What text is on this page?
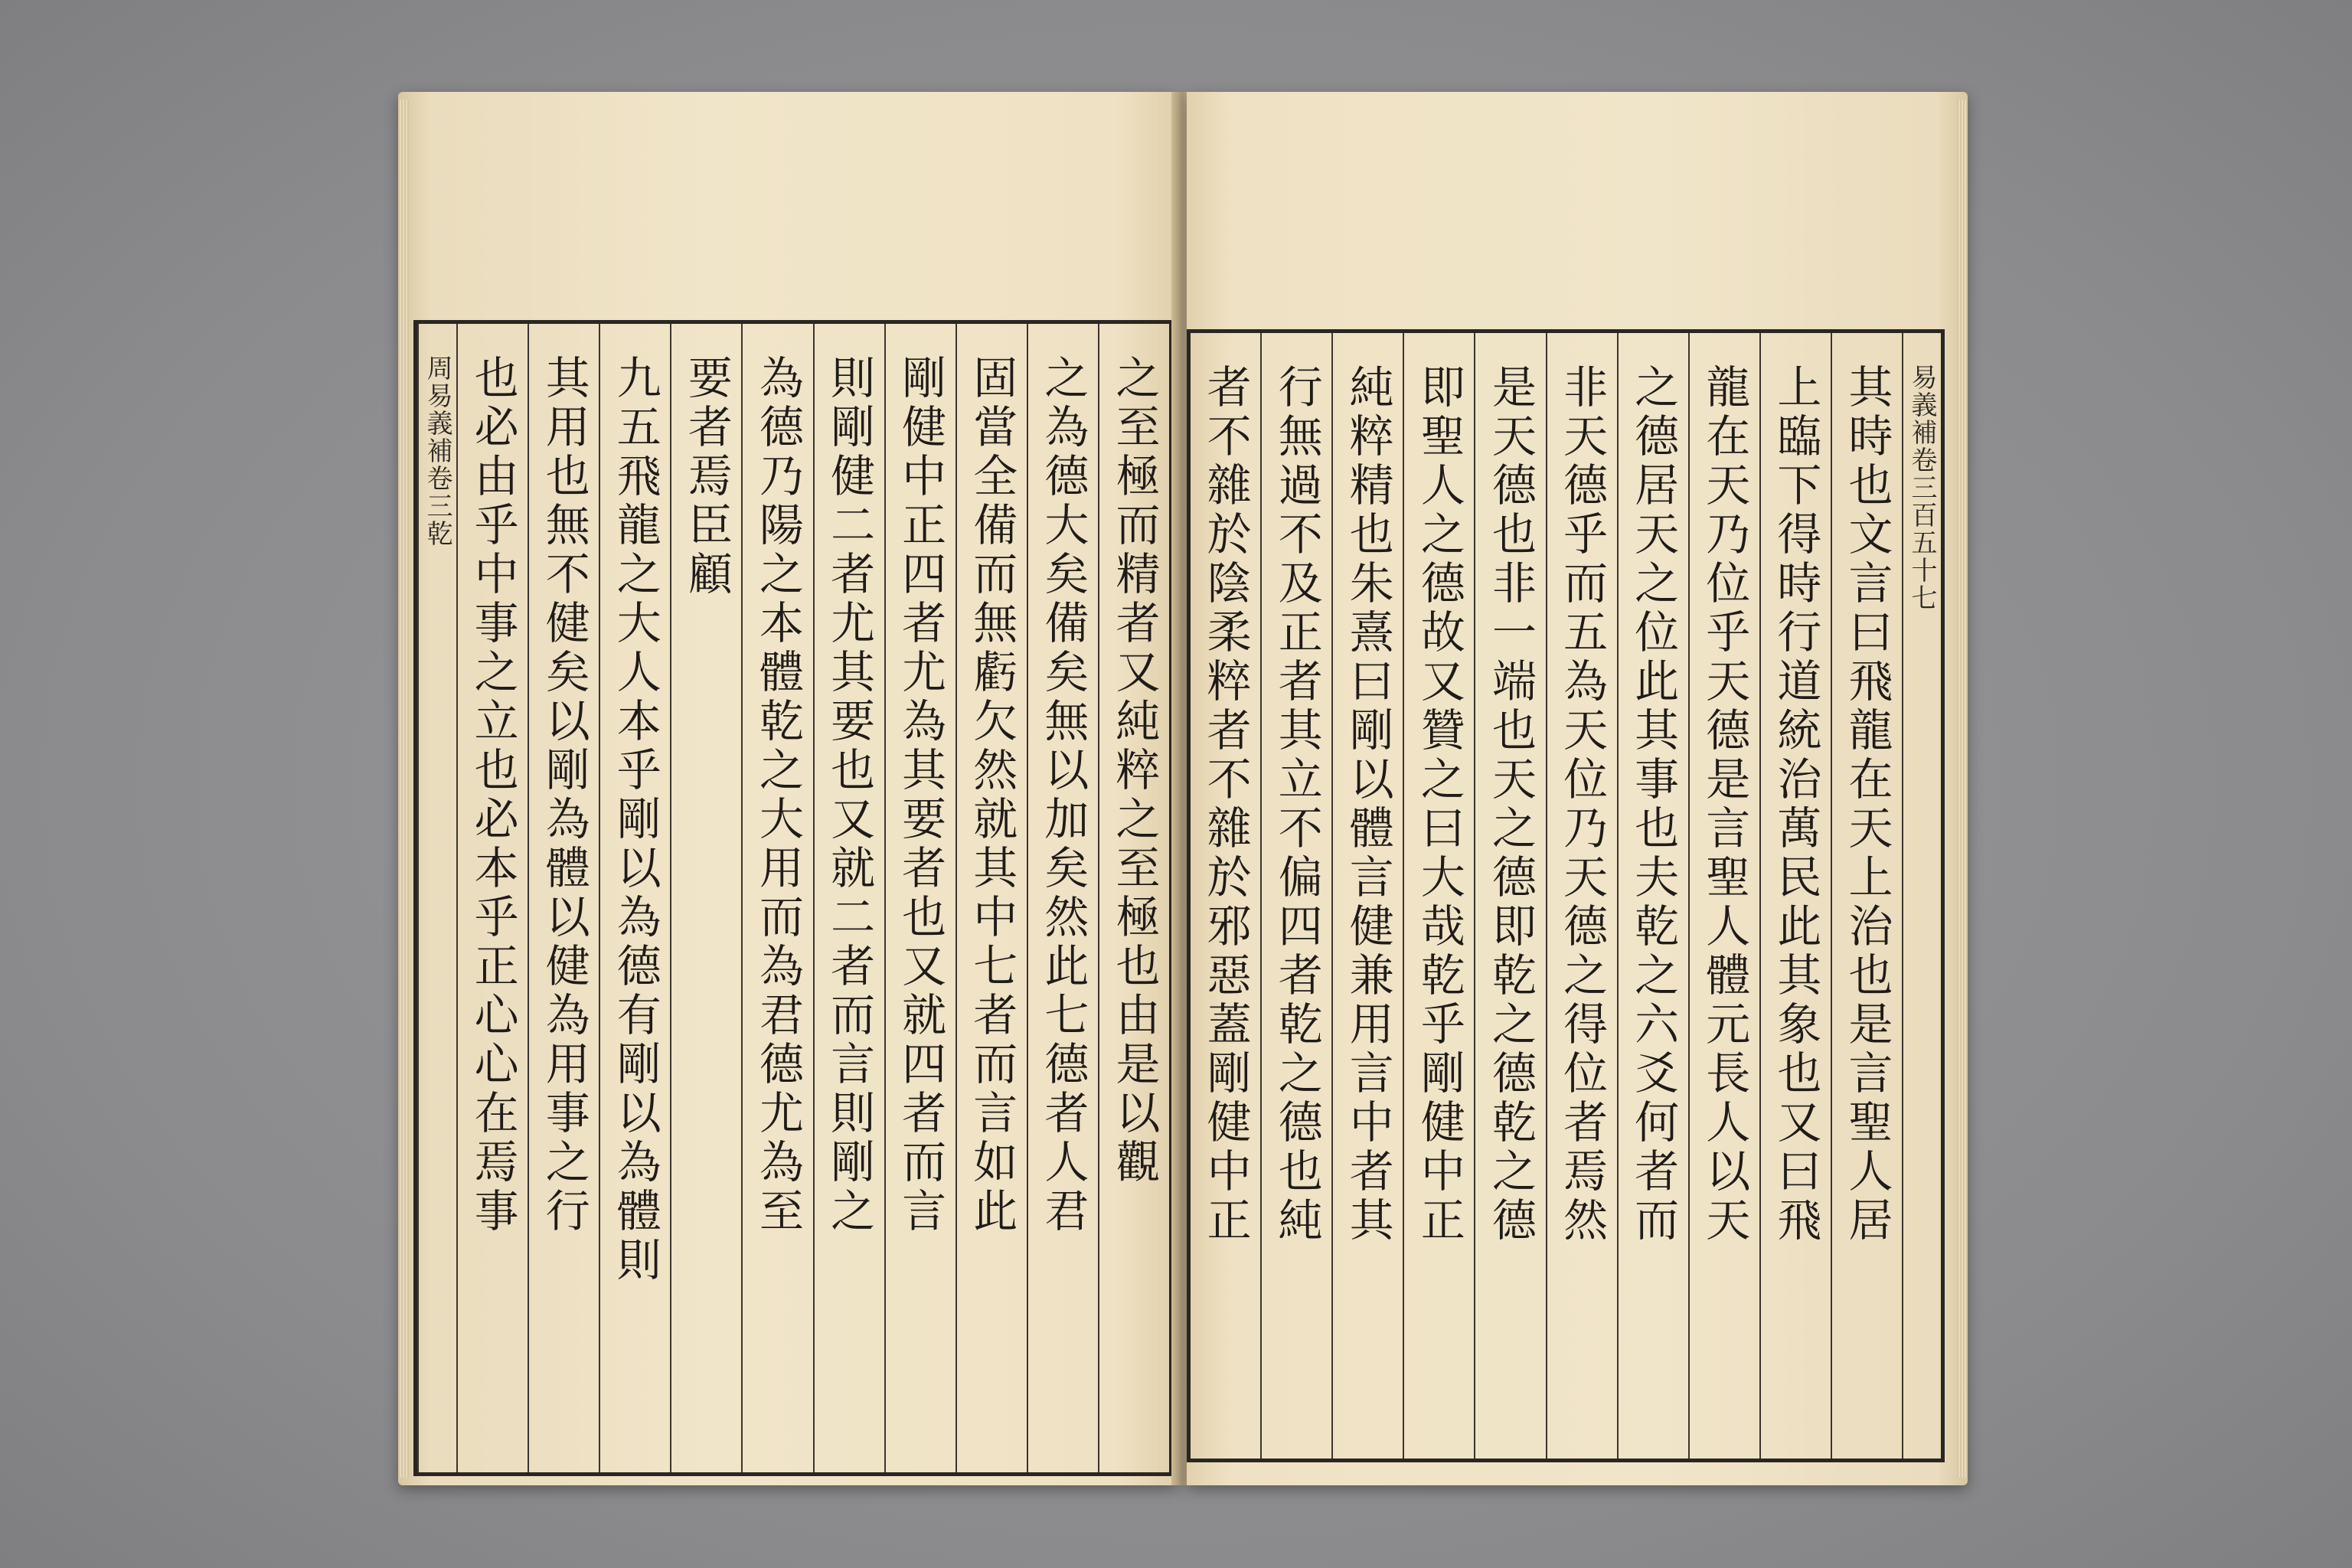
之至極而精者又純粹之至極也由是以觀
之為德大矣備矣無以加矣然此七德者人君
固當全備而無虧欠然就其中七者而言如此
剛健中正四者尤為其要者也又就四者而言
則剛健二者尤其要也又就二者而言則剛之
為德乃陽之本體乾之大用而為君德尤為至
要者焉臣顧
九五飛龍之大人本乎剛以為德有剛以為體則
其用也無不健矣以剛為體以健為用事之行
也必由乎中事之立也必本乎正心心在焉事
周易義補卷三乾	易義補卷三百五十七
其時也文言曰飛龍在天上治也是言聖人居
上臨下得時行道統治萬民此其象也又曰飛
龍在天乃位乎天德是言聖人體元長人以天
之德居天之位此其事也夫乾之六爻何者而
非天德乎而五為天位乃天德之得位者焉然
是天德也非一端也天之德即乾之德乾之德
即聖人之德故又贊之曰大哉乾乎剛健中正
純粹精也朱熹曰剛以體言健兼用言中者其
行無過不及正者其立不偏四者乾之德也純
者不雜於陰柔粹者不雜於邪惡蓋剛健中正
